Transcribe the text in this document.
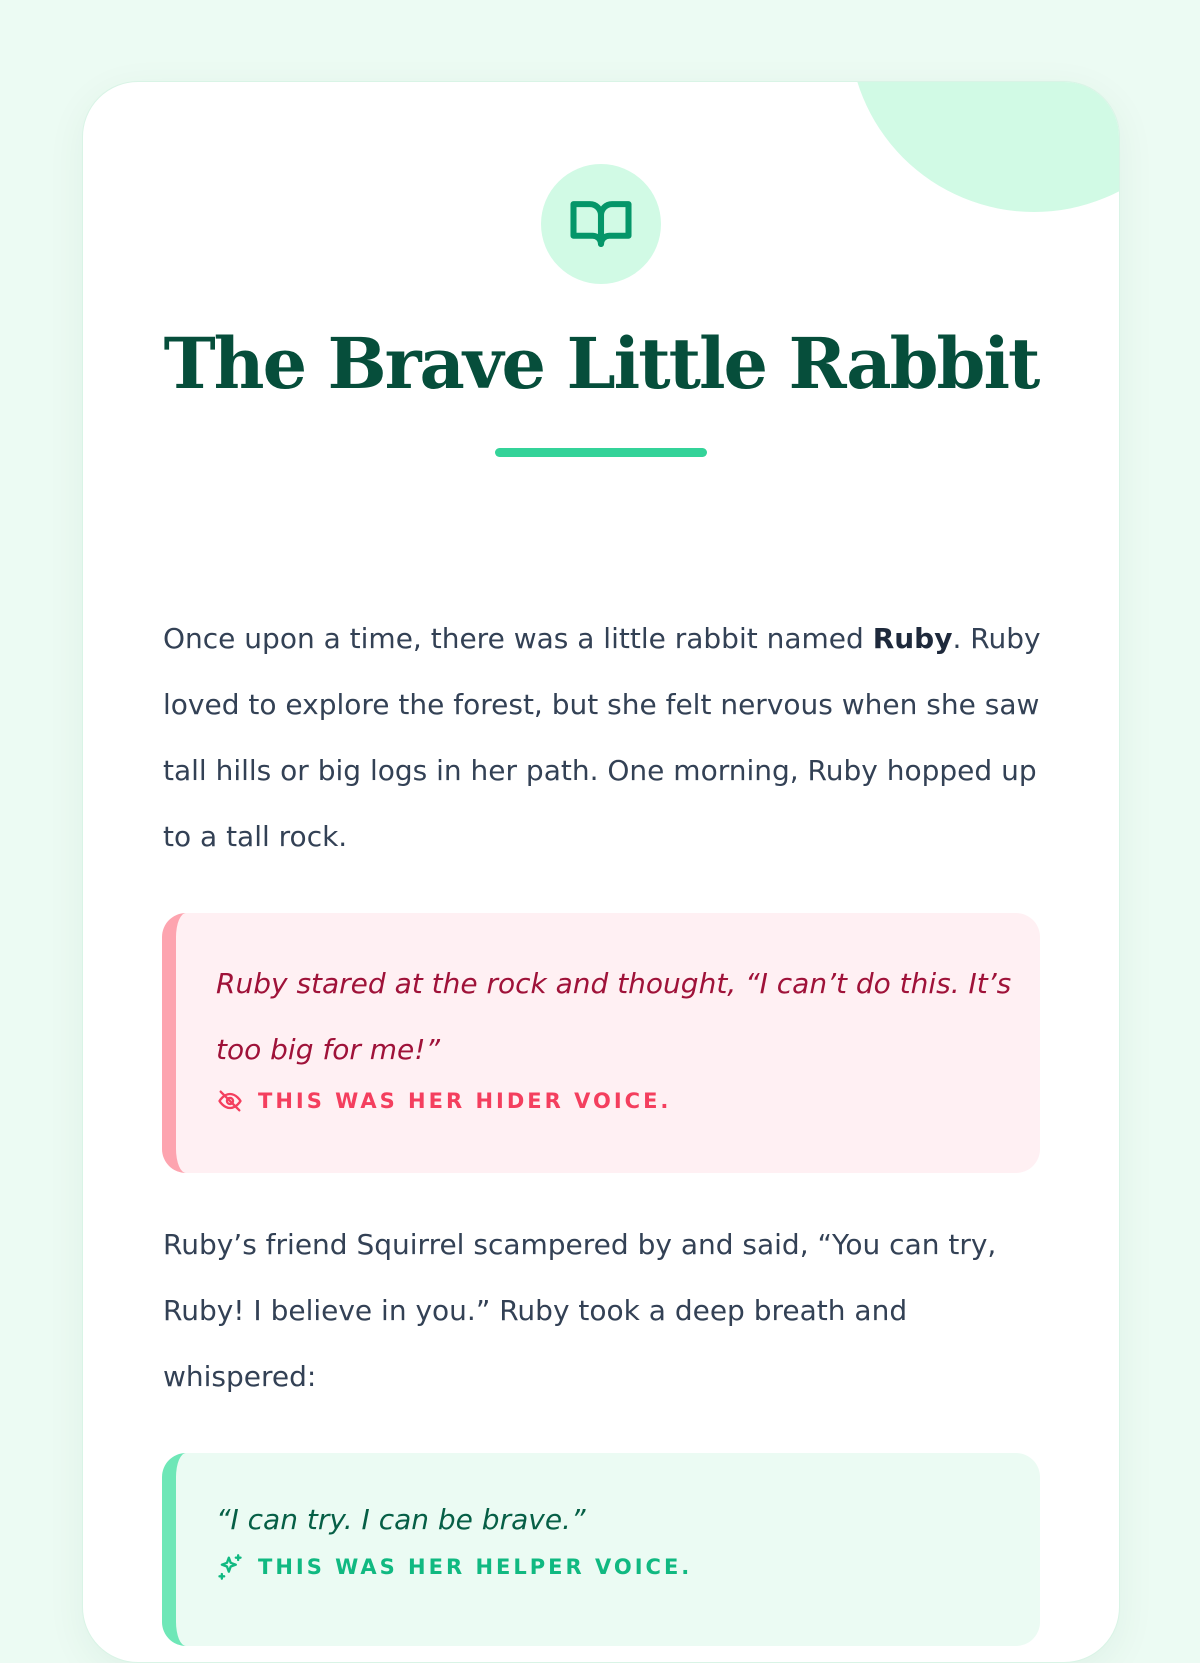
The Brave Little Rabbit

Once upon a time, there was a little rabbit named Ruby. Ruby loved to explore the forest, but she felt nervous when she saw tall hills or big logs in her path. One morning, Ruby hopped up to a tall rock.

Ruby stared at the rock and thought, “I can’t do this. It’s too big for me!”

THIS WAS HER HIDER VOICE.

Ruby’s friend Squirrel scampered by and said, “You can try, Ruby! I believe in you.” Ruby took a deep breath and whispered:

“I can try. I can be brave.”

THIS WAS HER HELPER VOICE.
